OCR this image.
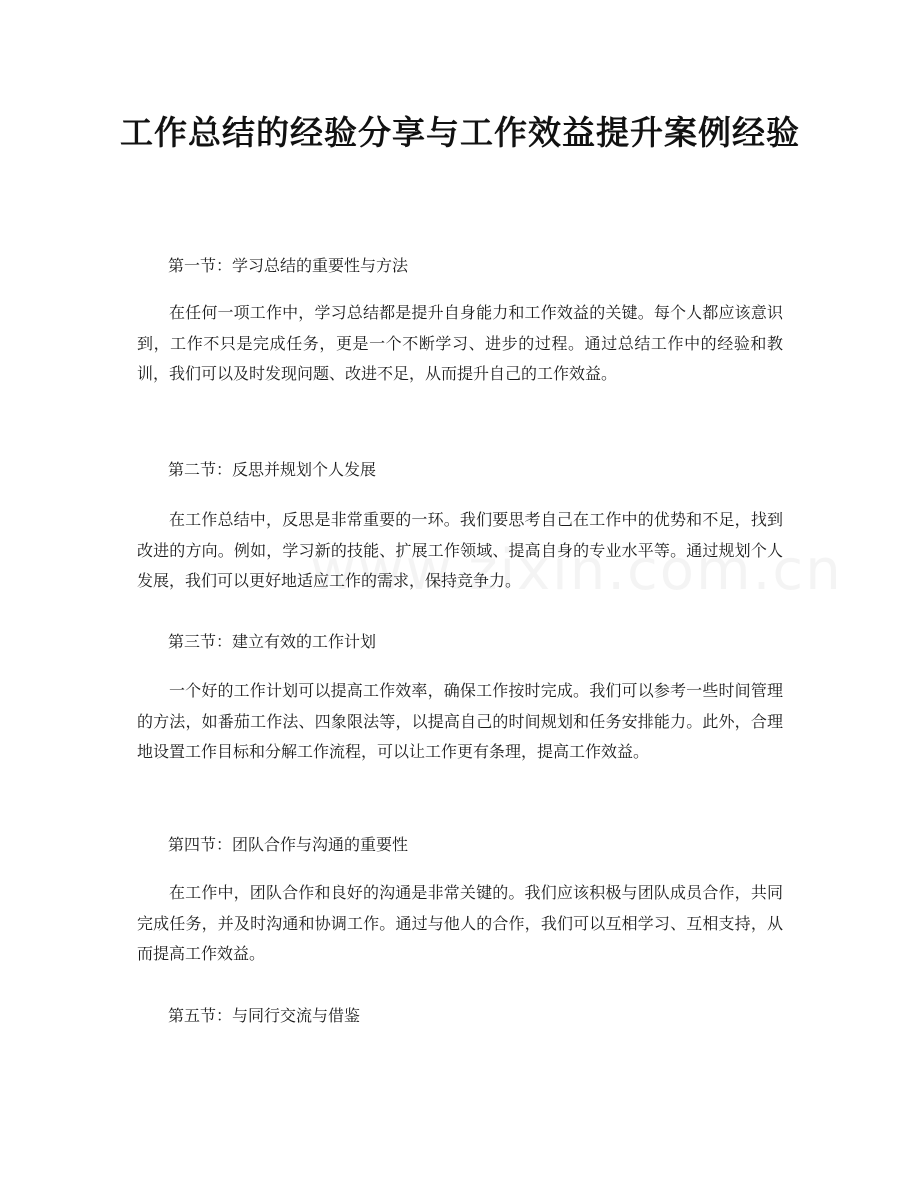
工作总结的经验分享与工作效益提升案例经验

第一节：学习总结的重要性与方法

在任何一项工作中，学习总结都是提升自身能力和工作效益的关键。每个人都应该意识到，工作不只是完成任务，更是一个不断学习、进步的过程。通过总结工作中的经验和教训，我们可以及时发现问题、改进不足，从而提升自己的工作效益。

第二节：反思并规划个人发展

在工作总结中，反思是非常重要的一环。我们要思考自己在工作中的优势和不足，找到改进的方向。例如，学习新的技能、扩展工作领域、提高自身的专业水平等。通过规划个人发展，我们可以更好地适应工作的需求，保持竞争力。

第三节：建立有效的工作计划

一个好的工作计划可以提高工作效率，确保工作按时完成。我们可以参考一些时间管理的方法，如番茄工作法、四象限法等，以提高自己的时间规划和任务安排能力。此外，合理地设置工作目标和分解工作流程，可以让工作更有条理，提高工作效益。

第四节：团队合作与沟通的重要性

在工作中，团队合作和良好的沟通是非常关键的。我们应该积极与团队成员合作，共同完成任务，并及时沟通和协调工作。通过与他人的合作，我们可以互相学习、互相支持，从而提高工作效益。

第五节：与同行交流与借鉴
